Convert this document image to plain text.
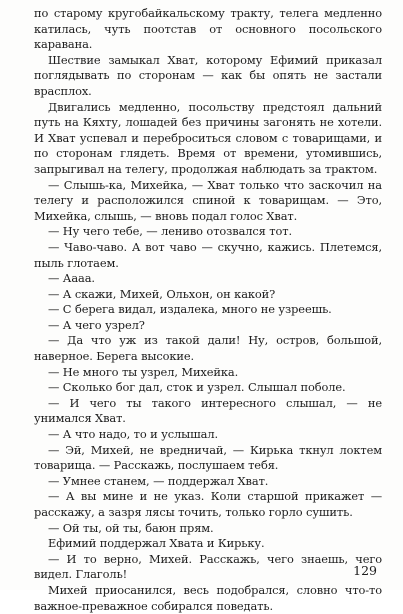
по старому кругобайкальскому тракту, телега медленно катилась, чуть поотстав от основного посольского каравана.

Шествие замыкал Хват, которому Ефимий приказал поглядывать по сторонам — как бы опять не застали врасплох.

Двигались медленно, посольству предстоял дальний путь на Кяхту, лошадей без причины загонять не хотели. И Хват успевал и переброситься словом с товарищами, и по сторонам глядеть. Время от времени, утомившись, запрыгивал на телегу, продолжая наблюдать за трактом.

— Слышь-ка, Михейка, — Хват только что заскочил на телегу и расположился спиной к товарищам. — Это, Михейка, слышь, — вновь подал голос Хват.

— Ну чего тебе, — лениво отозвался тот.

— Чаво-чаво. А вот чаво — скучно, кажись. Плетемся, пыль глотаем.

— Аааа.

— А скажи, Михей, Ольхон, он какой?

— С берега видал, издалека, много не узреешь.

— А чего узрел?

— Да что уж из такой дали! Ну, остров, большой, наверное. Берега высокие.

— Не много ты узрел, Михейка.

— Сколько бог дал, сток и узрел. Слышал поболе.

— И чего ты такого интересного слышал, — не унимался Хват.

— А что надо, то и услышал.

— Эй, Михей, не вредничай, — Кирька ткнул локтем товарища. — Расскажь, послушаем тебя.

— Умнее станем, — поддержал Хват.

— А вы мине и не указ. Коли старшой прикажет — расскажу, а зазря лясы точить, только горло сушить.

— Ой ты, ой ты, баюн прям.

Ефимий поддержал Хвата и Кирьку.

— И то верно, Михей. Расскажь, чего знаешь, чего видел. Глаголь!

Михей приосанился, весь подобрался, словно что-то важное-преважное собирался поведать.

129
